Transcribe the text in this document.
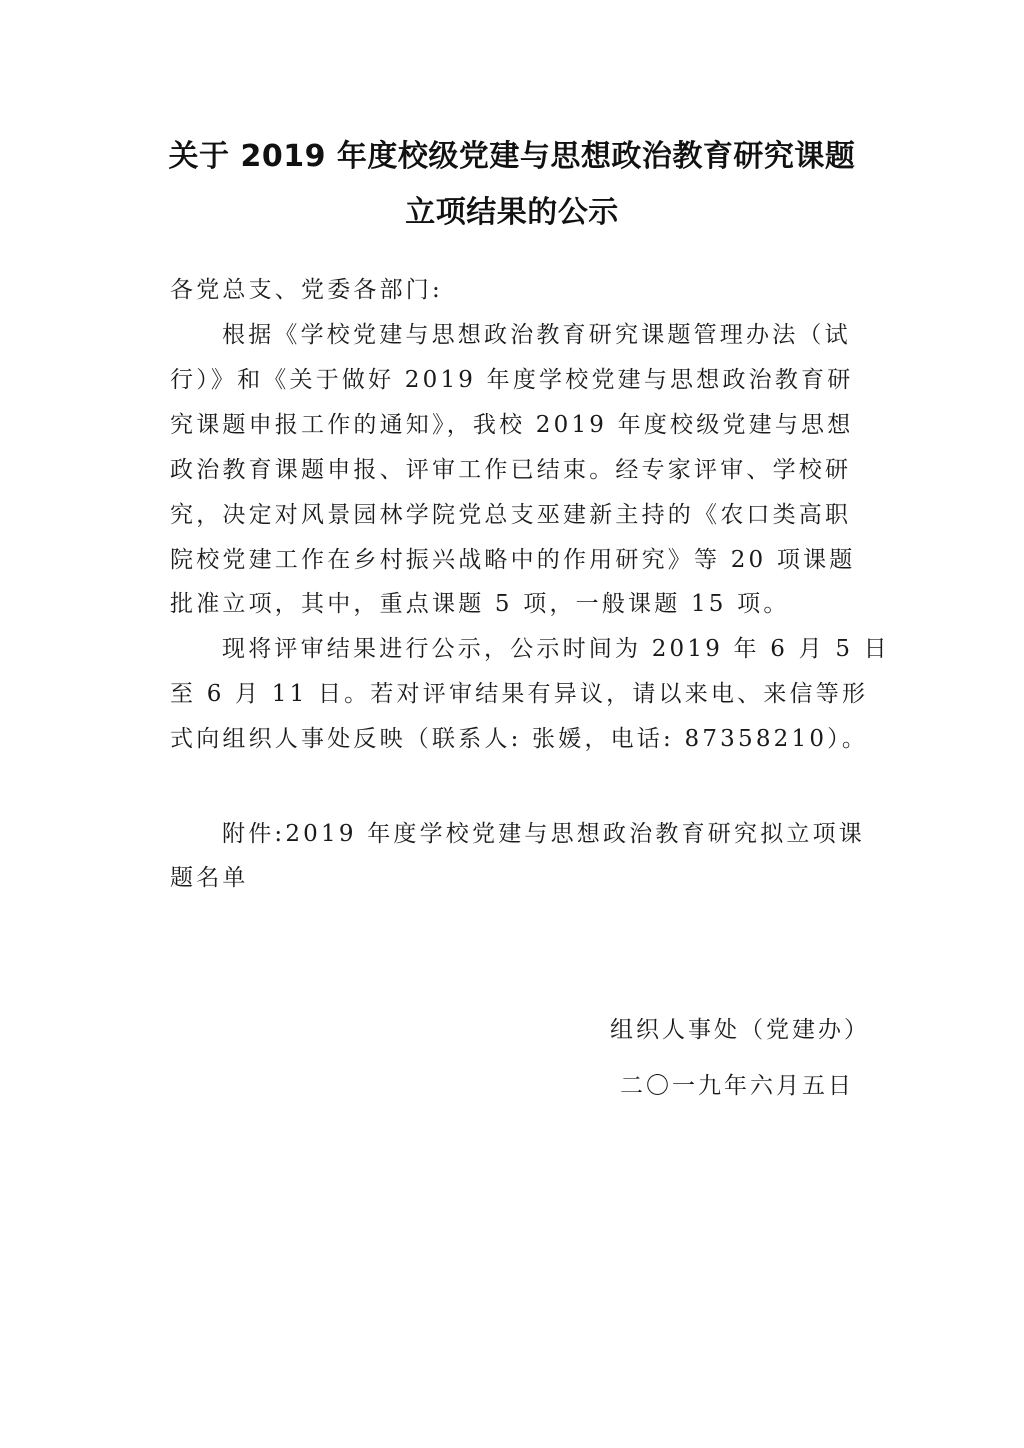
关于 2019 年度校级党建与思想政治教育研究课题
立项结果的公示
各党总支、党委各部门:
根据《学校党建与思想政治教育研究课题管理办法（试
行）》和《关于做好 2019 年度学校党建与思想政治教育研
究课题申报工作的通知》，我校 2019 年度校级党建与思想
政治教育课题申报、评审工作已结束。经专家评审、学校研
究，决定对风景园林学院党总支巫建新主持的《农口类高职
院校党建工作在乡村振兴战略中的作用研究》等 20 项课题
批准立项，其中，重点课题 5 项，一般课题 15 项。
现将评审结果进行公示，公示时间为 2019 年 6 月 5 日
至 6 月 11 日。若对评审结果有异议，请以来电、来信等形
式向组织人事处反映（联系人: 张媛，电话: 87358210）。
附件:2019 年度学校党建与思想政治教育研究拟立项课
题名单
组织人事处（党建办）
二〇一九年六月五日
